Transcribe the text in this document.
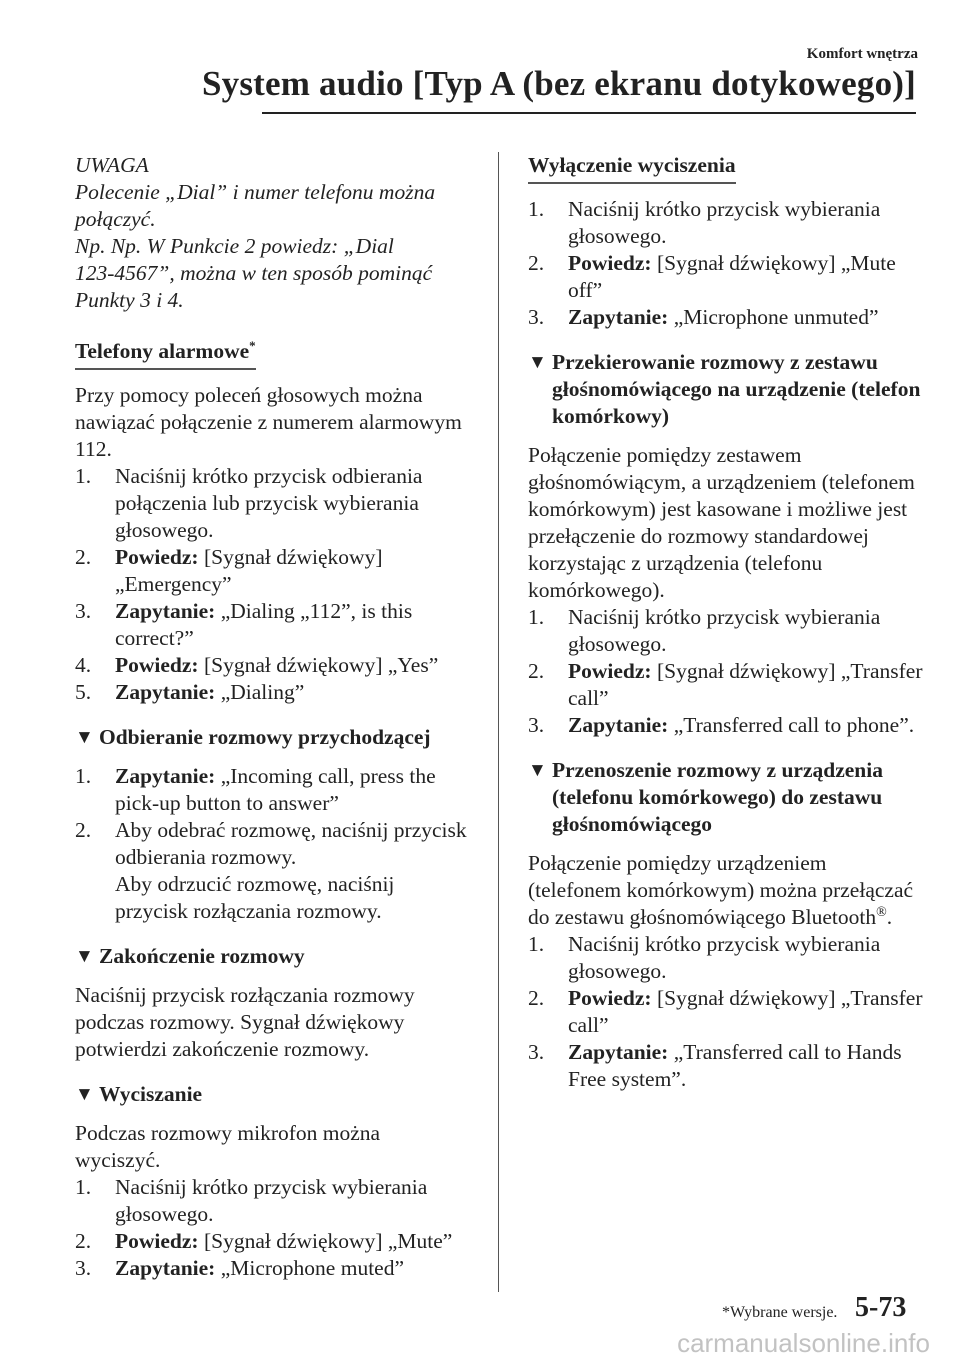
Komfort wnętrza
System audio [Typ A (bez ekranu dotykowego)]

UWAGA

Polecenie „Dial” i numer telefonu można

połączyć.

Np. Np. W Punkcie 2 powiedz: „Dial

123-4567”, można w ten sposób pominąć

Punkty 3 i 4.

Telefony alarmowe*

Przy pomocy poleceń głosowych można nawiązać połączenie z numerem alarmowym 112.

1.	Naciśnij krótko przycisk odbierania połączenia lub przycisk wybierania głosowego.
2.	Powiedz: [Sygnał dźwiękowy] „Emergency”
3.	Zapytanie: „Dialing „112”, is this correct?”
4.	Powiedz: [Sygnał dźwiękowy] „Yes”
5.	Zapytanie: „Dialing”
▼ Odbieranie rozmowy przychodzącej
1.	Zapytanie: „Incoming call, press the pick-up button to answer”
2.	Aby odebrać rozmowę, naciśnij przycisk odbierania rozmowy.
Aby odrzucić rozmowę, naciśnij przycisk rozłączania rozmowy.
▼ Zakończenie rozmowy

Naciśnij przycisk rozłączania rozmowy podczas rozmowy. Sygnał dźwiękowy potwierdzi zakończenie rozmowy.

▼ Wyciszanie

Podczas rozmowy mikrofon można wyciszyć.

1.	Naciśnij krótko przycisk wybierania głosowego.
2.	Powiedz: [Sygnał dźwiękowy] „Mute”
3.	Zapytanie: „Microphone muted”
Wyłączenie wyciszenia
1.	Naciśnij krótko przycisk wybierania głosowego.
2.	Powiedz: [Sygnał dźwiękowy] „Mute off”
3.	Zapytanie: „Microphone unmuted”
▼ Przekierowanie rozmowy z zestawu głośnomówiącego na urządzenie (telefon komórkowy)

Połączenie pomiędzy zestawem głośnomówiącym, a urządzeniem (telefonem komórkowym) jest kasowane i możliwe jest przełączenie do rozmowy standardowej korzystając z urządzenia (telefonu komórkowego).

1.	Naciśnij krótko przycisk wybierania głosowego.
2.	Powiedz: [Sygnał dźwiękowy] „Transfer call”
3.	Zapytanie: „Transferred call to phone”.
▼ Przenoszenie rozmowy z urządzenia (telefonu komórkowego) do zestawu głośnomówiącego

Połączenie pomiędzy urządzeniem (telefonem komórkowym) można przełączać do zestawu głośnomówiącego Bluetooth®.

1.	Naciśnij krótko przycisk wybierania głosowego.
2.	Powiedz: [Sygnał dźwiękowy] „Transfer call”
3.	Zapytanie: „Transferred call to Hands Free system”.
*Wybrane wersje. 5-73
carmanualsonline.info
